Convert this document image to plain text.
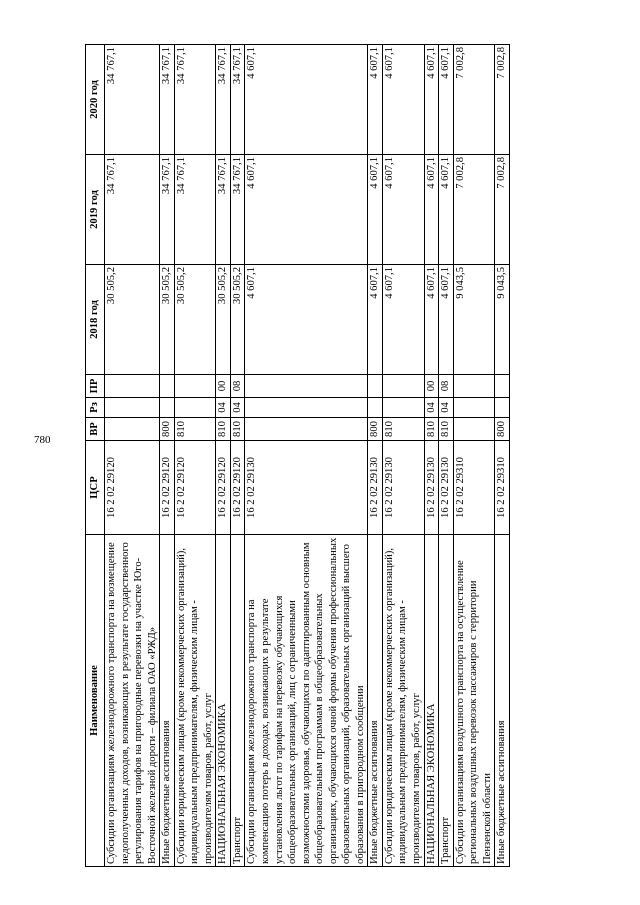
780
Наименование	ЦСР	ВР	Рз	ПР	2018 год	2019 год	2020 год
Субсидии организациям железнодорожного транспорта на возмещение недополученных доходов, возникающих в результате государственного регулирования тарифов на пригородные перевозки на участке Юго-Восточной железной дороги – филиала ОАО «РЖД»	16 2 02 29120				30 505,2	34 767,1	34 767,1
Иные бюджетные ассигнования	16 2 02 29120	800			30 505,2	34 767,1	34 767,1
Субсидии юридическим лицам (кроме некоммерческих организаций), индивидуальным предпринимателям, физическим лицам - производителям товаров, работ, услуг	16 2 02 29120	810			30 505,2	34 767,1	34 767,1
НАЦИОНАЛЬНАЯ ЭКОНОМИКА	16 2 02 29120	810	04	00	30 505,2	34 767,1	34 767,1
Транспорт	16 2 02 29120	810	04	08	30 505,2	34 767,1	34 767,1
Субсидии организациям железнодорожного транспорта на компенсацию потерь в доходах, возникающих в результате установления льгот по тарифам на перевозку обучающихся общеобразовательных организаций, лиц с ограниченными возможностями здоровья, обучающихся по адаптированным основным общеобразовательным программам в общеобразовательных организациях, обучающихся очной формы обучения профессиональных образовательных организаций, образовательных организаций высшего образования в пригородном сообщении	16 2 02 29130				4 607,1	4 607,1	4 607,1
Иные бюджетные ассигнования	16 2 02 29130	800			4 607,1	4 607,1	4 607,1
Субсидии юридическим лицам (кроме некоммерческих организаций), индивидуальным предпринимателям, физическим лицам - производителям товаров, работ, услуг	16 2 02 29130	810			4 607,1	4 607,1	4 607,1
НАЦИОНАЛЬНАЯ ЭКОНОМИКА	16 2 02 29130	810	04	00	4 607,1	4 607,1	4 607,1
Транспорт	16 2 02 29130	810	04	08	4 607,1	4 607,1	4 607,1
Субсидии организациям воздушного транспорта на осуществление региональных воздушных перевозок пассажиров с территории Пензенской области	16 2 02 29310				9 043,5	7 002,8	7 002,8
Иные бюджетные ассигнования	16 2 02 29310	800			9 043,5	7 002,8	7 002,8
